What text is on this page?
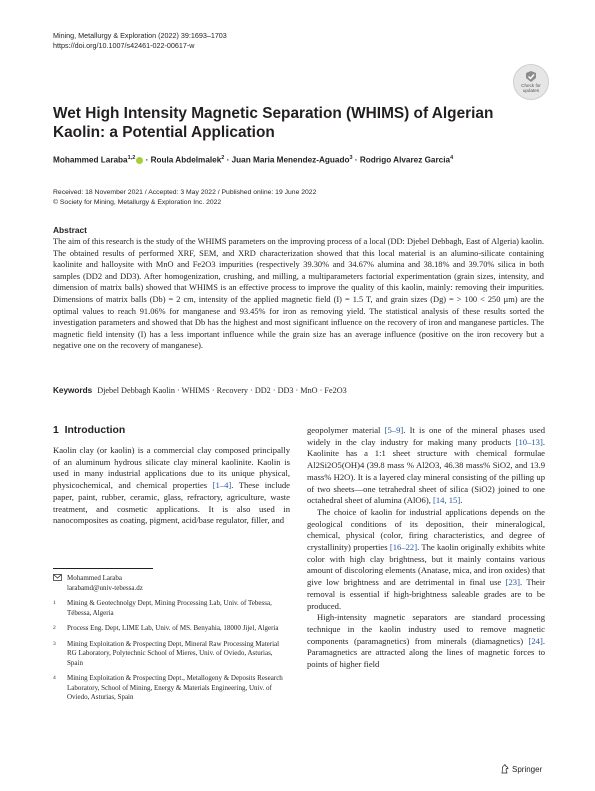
Mining, Metallurgy & Exploration (2022) 39:1693–1703
https://doi.org/10.1007/s42461-022-00617-w
Check for
updates
Wet High Intensity Magnetic Separation (WHIMS) of Algerian Kaolin: a Potential Application
Mohammed Laraba$^{1,2}$ · Roula Abdelmalek$^2$ · Juan Maria Menendez-Aguado$^3$ · Rodrigo Alvarez Garcia$^4$
Received: 18 November 2021 / Accepted: 3 May 2022 / Published online: 19 June 2022
© Society for Mining, Metallurgy & Exploration Inc. 2022
Abstract
The aim of this research is the study of the WHIMS parameters on the improving process of a local (DD: Djebel Debbagh, East of Algeria) kaolin. The obtained results of performed XRF, SEM, and XRD characterization showed that this local material is an alumino-silicate containing kaolinite and halloysite with MnO and Fe2O3 impurities (respectively 39.30% and 34.67% alumina and 38.18% and 39.70% silica in both samples (DD2 and DD3). After homogenization, crushing, and milling, a multiparameters factorial experimentation (grain sizes, intensity, and dimension of matrix balls) showed that WHIMS is an effective process to improve the quality of this kaolin, mainly: removing their impurities. Dimensions of matrix balls (Db) = 2 cm, intensity of the applied magnetic field (I) = 1.5 T, and grain sizes (Dg) = > 100 < 250 µm) are the optimal values to reach 91.06% for manganese and 93.45% for iron as removing yield. The statistical analysis of these results sorted the investigation parameters and showed that Db has the highest and most significant influence on the recovery of iron and manganese particles. The magnetic field intensity (I) has a less important influence while the grain size has an average influence (positive on the iron recovery but a negative one on the recovery of manganese).
Keywords Djebel Debbagh Kaolin · WHIMS · Recovery · DD2 · DD3 · MnO · Fe2O3
1 Introduction

Kaolin clay (or kaolin) is a commercial clay composed principally of an aluminum hydrous silicate clay mineral kaolinite. Kaolin is used in many industrial applications due to its unique physical, physicochemical, and chemical properties [1–4]. These include paper, paint, rubber, ceramic, glass, refractory, agriculture, waste treatment, and cosmetic applications. It is also used in nanocomposites as coating, pigment, acid/base regulator, filler, and

geopolymer material [5–9]. It is one of the mineral phases used widely in the clay industry for making many products [10–13]. Kaolinite has a 1:1 sheet structure with chemical formulae Al2Si2O5(OH)4 (39.8 mass % Al2O3, 46.38 mass% SiO2, and 13.9 mass% H2O). It is a layered clay mineral consisting of the pilling up of two sheets—one tetrahedral sheet of silica (SiO2) joined to one octahedral sheet of alumina (AlO6), [14, 15].

The choice of kaolin for industrial applications depends on the geological conditions of its deposition, their mineralogical, chemical, physical (color, firing characteristics, and degree of crystallinity) properties [16–22]. The kaolin originally exhibits white color with high clay brightness, but it mainly contains various amount of discoloring elements (Anatase, mica, and iron oxides) that give low brightness and are detrimental in final use [23]. Their removal is essential if high-brightness saleable grades are to be produced.

High-intensity magnetic separators are standard processing technique in the kaolin industry used to remove magnetic components (paramagnetics) from minerals (diamagnetics) [24]. Paramagnetics are attracted along the lines of magnetic forces to points of higher field

Mohammed Laraba
larabamd@univ-tebessa.dz
1	Mining & Geotechnolgy Dept, Mining Processing Lab, Univ. of Tebessa, Tébessa, Algeria
2	Process Eng. Dept, LIME Lab, Univ. of MS. Benyahia, 18000 Jijel, Algeria
3	Mining Exploitation & Prospecting Dept, Mineral Raw Processing Material RG Laboratory, Polytechnic School of Mieres, Univ. of Oviedo, Asturias, Spain
4	Mining Exploitation & Prospecting Dept., Metallogeny & Deposits Research Laboratory, School of Mining, Energy & Materials Engineering, Univ. of Oviedo, Asturias, Spain
Springer
